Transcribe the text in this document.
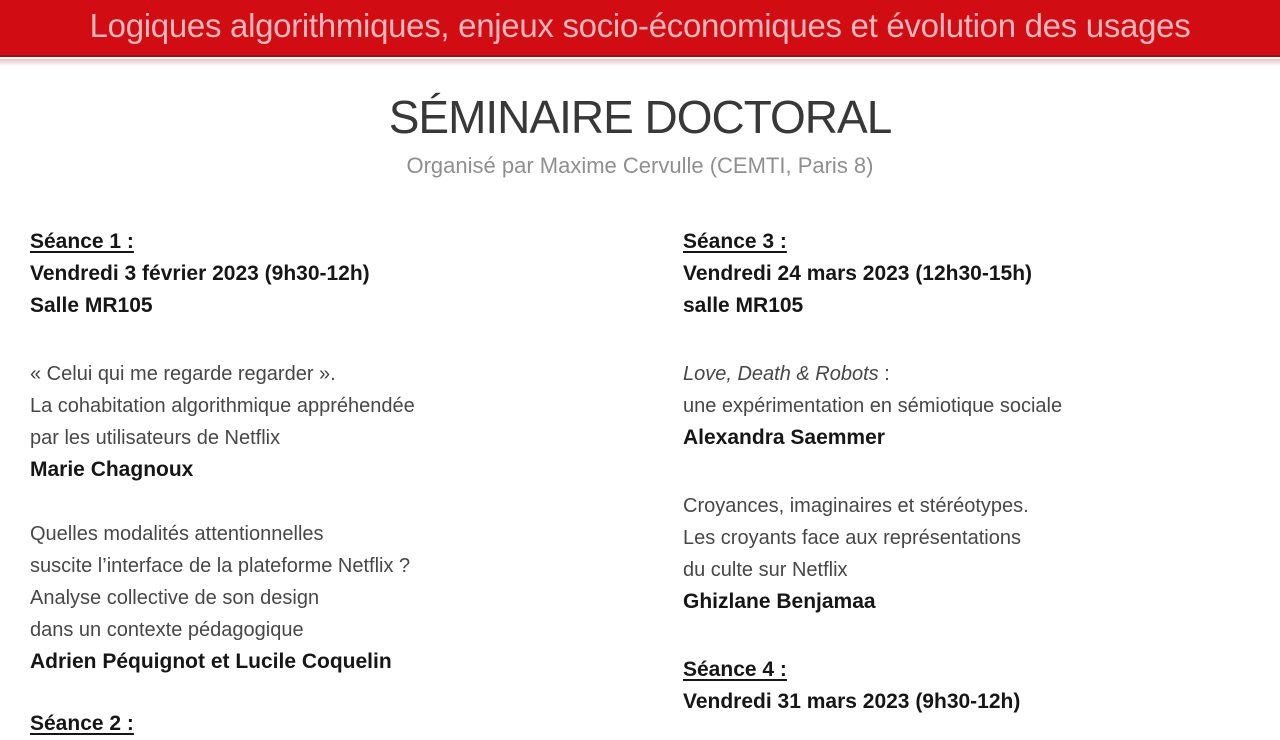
Logiques algorithmiques, enjeux socio-économiques et évolution des usages
SÉMINAIRE DOCTORAL
Organisé par Maxime Cervulle (CEMTI, Paris 8)
Séance 1 :
Vendredi 3 février 2023 (9h30-12h)
Salle MR105
« Celui qui me regarde regarder ».
La cohabitation algorithmique appréhendée
par les utilisateurs de Netflix
Marie Chagnoux
Quelles modalités attentionnelles
suscite l’interface de la plateforme Netflix ?
Analyse collective de son design
dans un contexte pédagogique
Adrien Péquignot et Lucile Coquelin
Séance 2 :
Séance 3 :
Vendredi 24 mars 2023 (12h30-15h)
salle MR105
Love, Death & Robots :
une expérimentation en sémiotique sociale
Alexandra Saemmer
Croyances, imaginaires et stéréotypes.
Les croyants face aux représentations
du culte sur Netflix
Ghizlane Benjamaa
Séance 4 :
Vendredi 31 mars 2023 (9h30-12h)
